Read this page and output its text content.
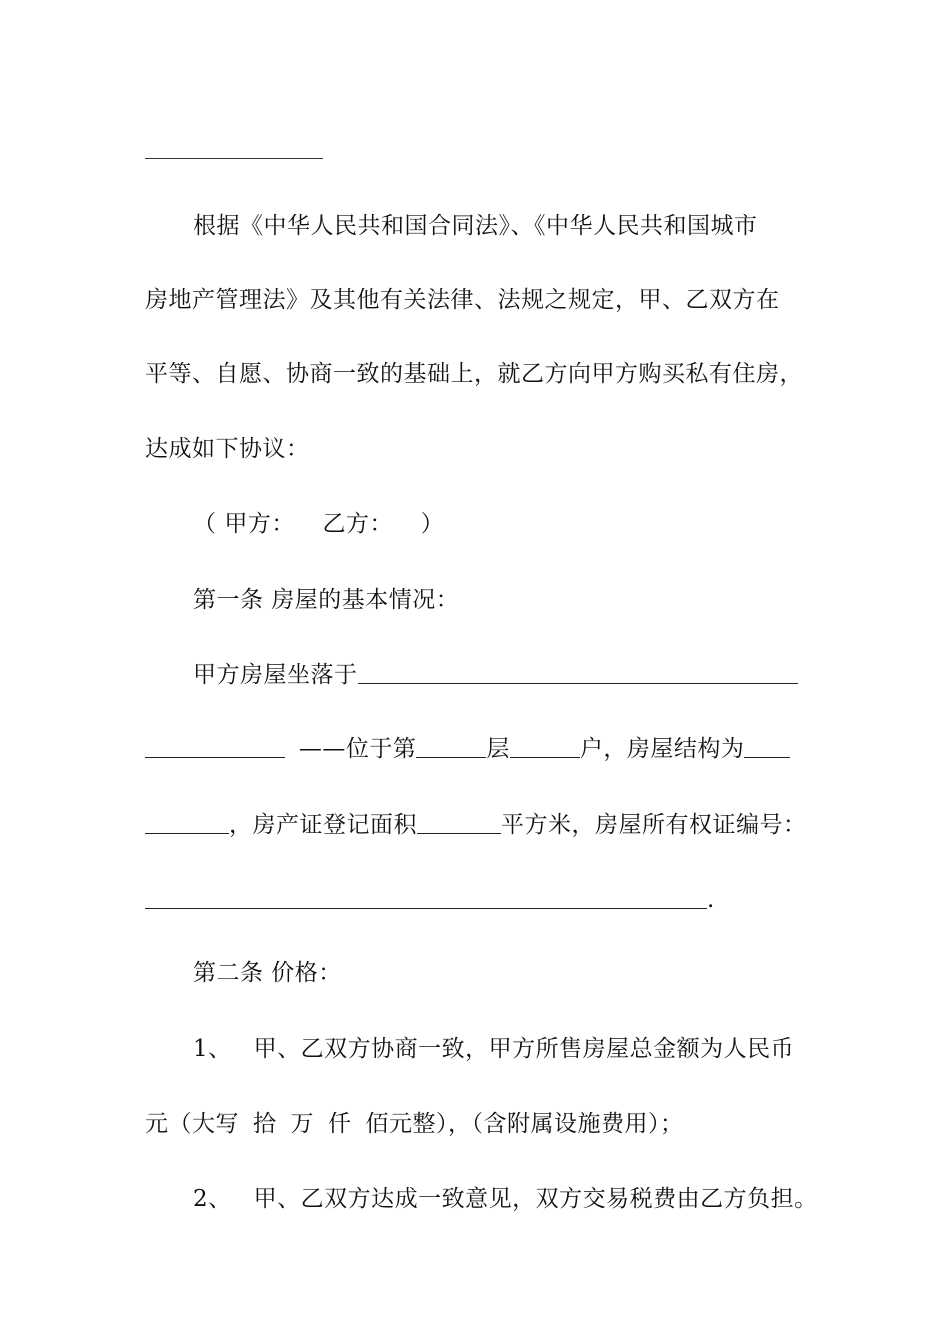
根据《中华人民共和国合同法》、《中华人民共和国城市
房地产管理法》及其他有关法律、法规之规定，甲、乙双方在
平等、自愿、协商一致的基础上，就乙方向甲方购买私有住房，
达成如下协议：
（ 甲方： 乙方： ）
第一条 房屋的基本情况：
甲方房屋坐落于
——位于第	层	户，房屋结构为
，房产证登记面积	平方米，房屋所有权证编号：
.
第二条 价格：
1、 甲、乙双方协商一致，甲方所售房屋总金额为人民币
元（大写 拾 万 仟 佰元整），（含附属设施费用）；
2、 甲、乙双方达成一致意见，双方交易税费由乙方负担。
